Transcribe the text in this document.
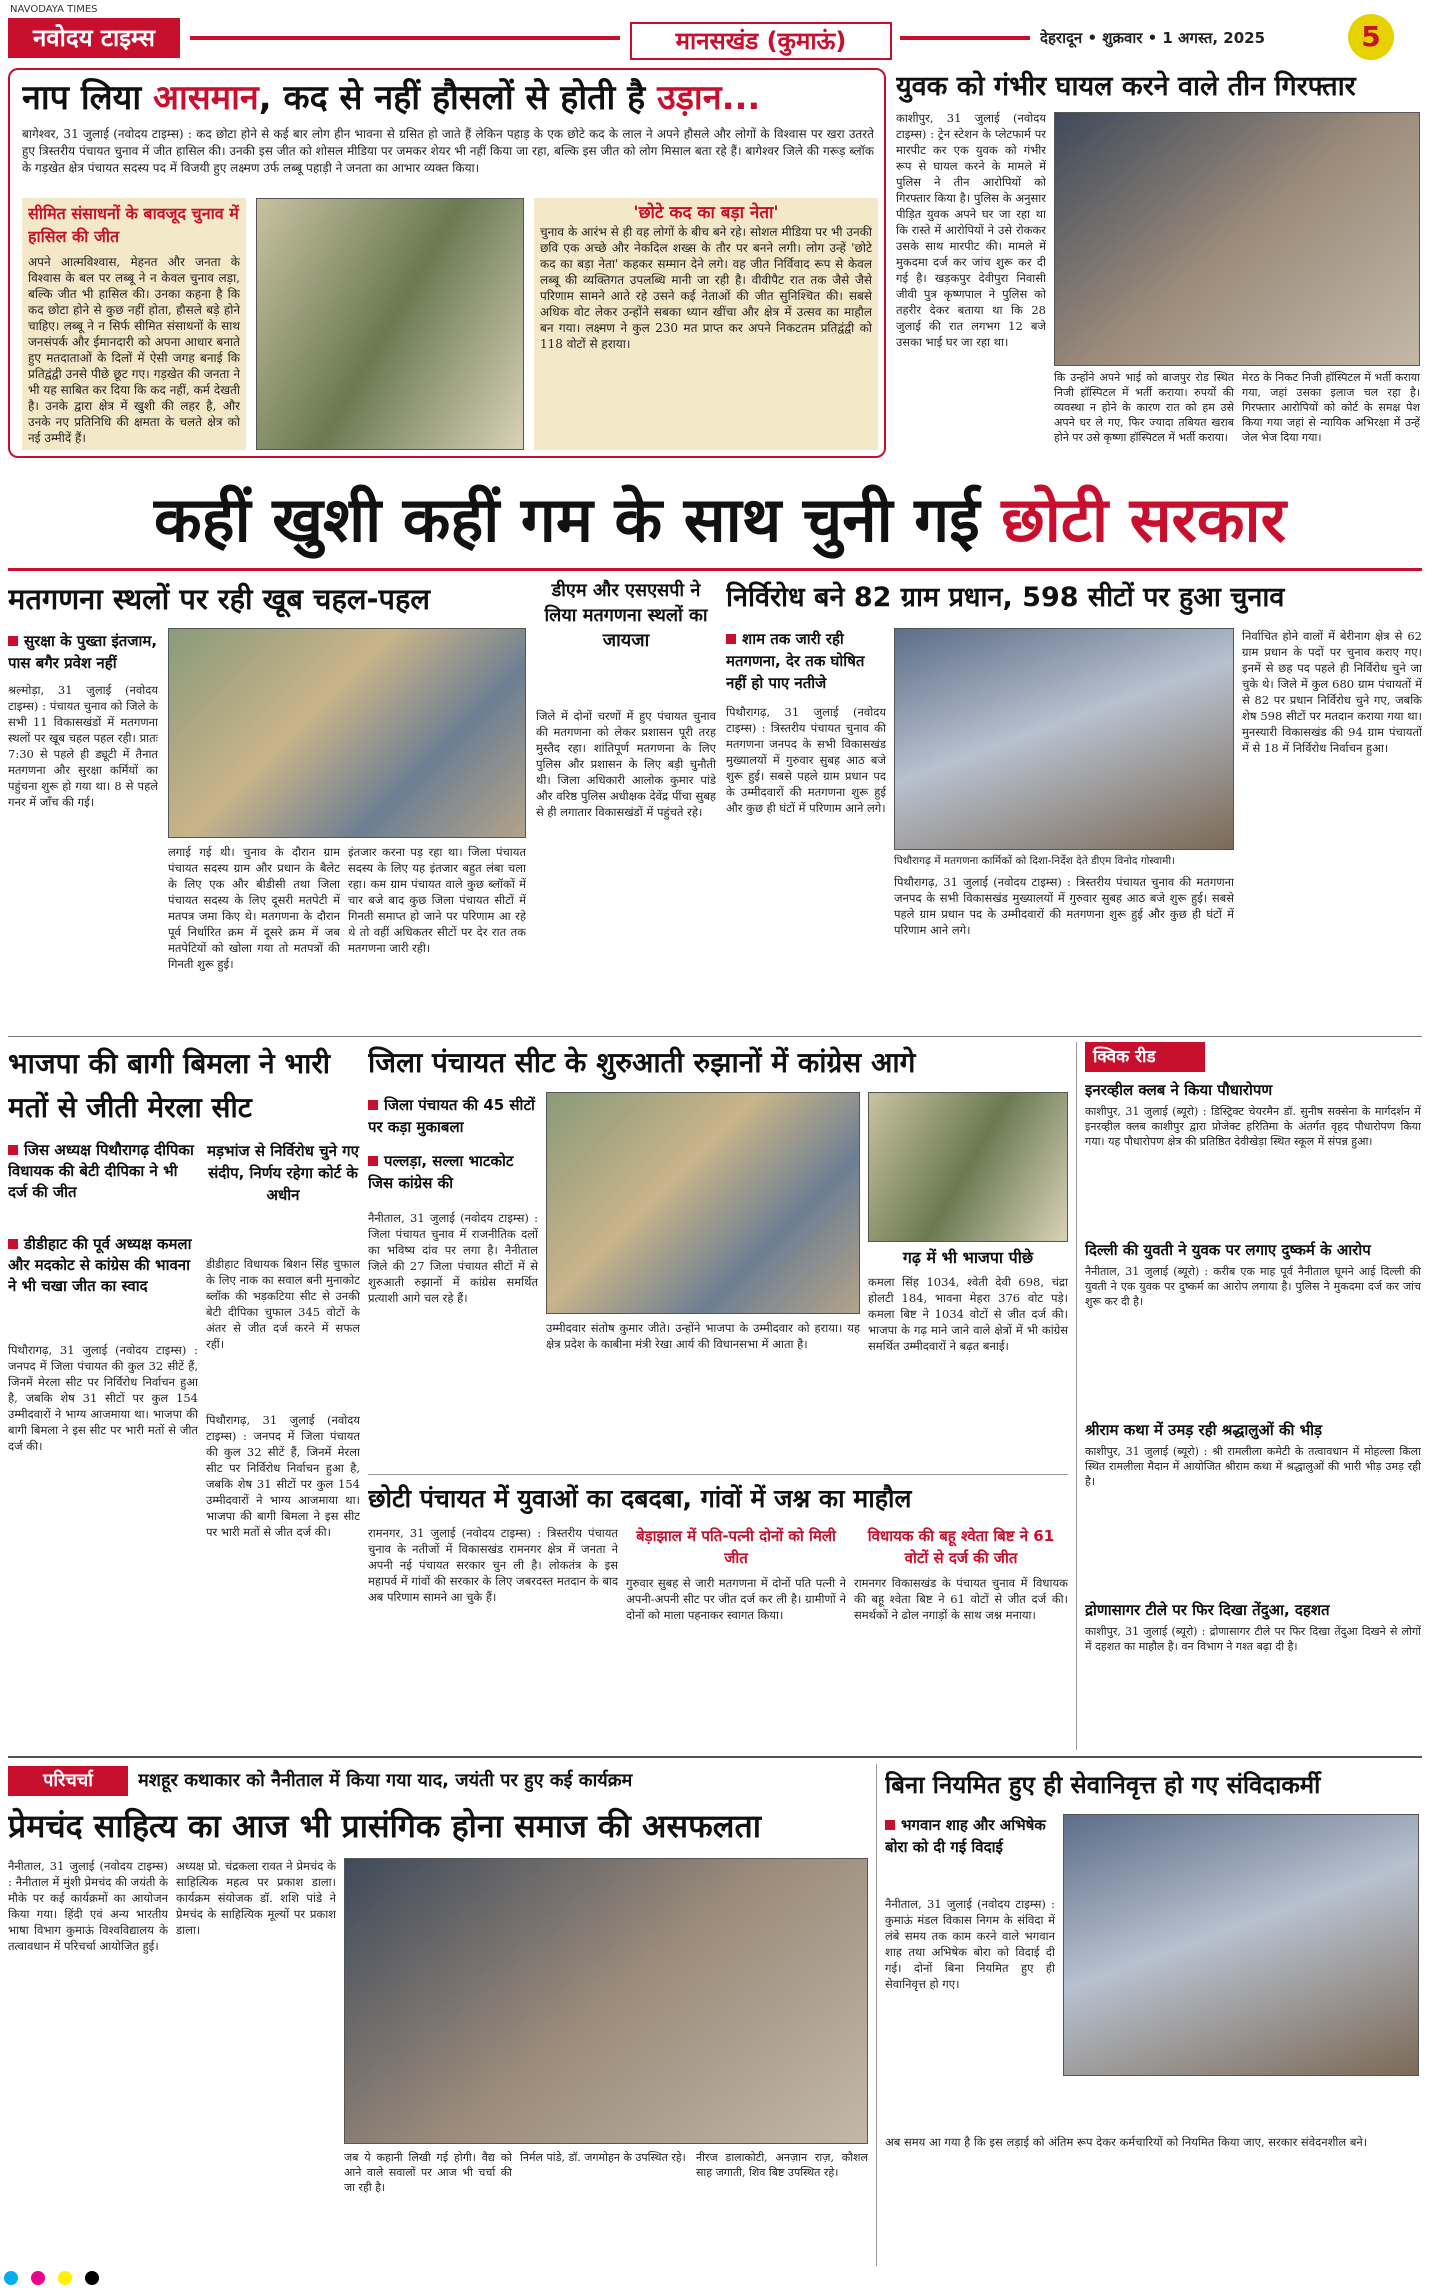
NAVODAYA TIMES
नवोदय टाइम्स	मानसखंड (कुमाऊं)	देहरादून • शुक्रवार • 1 अगस्त, 2025	5
नाप लिया आसमान, कद से नहीं हौसलों से होती है उड़ान...
बागेश्वर, 31 जुलाई (नवोदय टाइम्स) : कद छोटा होने से कई बार लोग हीन भावना से ग्रसित हो जाते हैं लेकिन पहाड़ के एक छोटे कद के लाल ने अपने हौसले और लोगों के विश्वास पर खरा उतरते हुए त्रिस्तरीय पंचायत चुनाव में जीत हासिल की। उनकी इस जीत को शोसल मीडिया पर जमकर शेयर भी नहीं किया जा रहा, बल्कि इस जीत को लोग मिसाल बता रहे हैं। बागेश्वर जिले की गरूड़ ब्लॉक के गड़खेत क्षेत्र पंचायत सदस्य पद में विजयी हुए लक्ष्मण उर्फ लब्बू पहाड़ी ने जनता का आभार व्यक्त किया।
सीमित संसाधनों के बावजूद चुनाव में हासिल की जीत
अपने आत्मविश्वास, मेहनत और जनता के विश्वास के बल पर लब्बू ने न केवल चुनाव लड़ा, बल्कि जीत भी हासिल की। उनका कहना है कि कद छोटा होने से कुछ नहीं होता, हौसले बड़े होने चाहिए। लब्बू ने न सिर्फ सीमित संसाधनों के साथ जनसंपर्क और ईमानदारी को अपना आधार बनाते हुए मतदाताओं के दिलों में ऐसी जगह बनाई कि प्रतिद्वंद्वी उनसे पीछे छूट गए। गड़खेत की जनता ने भी यह साबित कर दिया कि कद नहीं, कर्म देखती है। उनके द्वारा क्षेत्र में खुशी की लहर है, और उनके नए प्रतिनिधि की क्षमता के चलते क्षेत्र को नई उम्मीदें हैं।
'छोटे कद का बड़ा नेता'
चुनाव के आरंभ से ही वह लोगों के बीच बने रहे। सोशल मीडिया पर भी उनकी छवि एक अच्छे और नेकदिल शख्स के तौर पर बनने लगी। लोग उन्हें 'छोटे कद का बड़ा नेता' कहकर सम्मान देने लगे। वह जीत निर्विवाद रूप से केवल लब्बू की व्यक्तिगत उपलब्धि मानी जा रही है। वीवीपैट रात तक जैसे जैसे परिणाम सामने आते रहे उसने कई नेताओं की जीत सुनिश्चित की। सबसे अधिक वोट लेकर उन्होंने सबका ध्यान खींचा और क्षेत्र में उत्सव का माहौल बन गया। लक्ष्मण ने कुल 230 मत प्राप्त कर अपने निकटतम प्रतिद्वंद्वी को 118 वोटों से हराया।
युवक को गंभीर घायल करने वाले तीन गिरफ्तार
काशीपुर, 31 जुलाई (नवोदय टाइम्स) : ट्रेन स्टेशन के प्लेटफार्म पर मारपीट कर एक युवक को गंभीर रूप से घायल करने के मामले में पुलिस ने तीन आरोपियों को गिरफ्तार किया है। पुलिस के अनुसार पीड़ित युवक अपने घर जा रहा था कि रास्ते में आरोपियों ने उसे रोककर उसके साथ मारपीट की। मामले में मुकदमा दर्ज कर जांच शुरू कर दी गई है। खड़कपुर देवीपुरा निवासी जीवी पुत्र कृष्णपाल ने पुलिस को तहरीर देकर बताया था कि 28 जुलाई की रात लगभग 12 बजे उसका भाई घर जा रहा था।
कि उन्होंने अपने भाई को बाजपुर रोड स्थित निजी हॉस्पिटल में भर्ती कराया। रुपयों की व्यवस्था न होने के कारण रात को हम उसे अपने घर ले गए, फिर ज्यादा तबियत खराब होने पर उसे कृष्णा हॉस्पिटल में भर्ती कराया।
मेरठ के निकट निजी हॉस्पिटल में भर्ती कराया गया, जहां उसका इलाज चल रहा है। गिरफ्तार आरोपियों को कोर्ट के समक्ष पेश किया गया जहां से न्यायिक अभिरक्षा में उन्हें जेल भेज दिया गया।
कहीं खुशी कहीं गम के साथ चुनी गई छोटी सरकार
मतगणना स्थलों पर रही खूब चहल-पहल
सुरक्षा के पुख्ता इंतजाम, पास बगैर प्रवेश नहीं
श्रल्मोड़ा, 31 जुलाई (नवोदय टाइम्स) : पंचायत चुनाव को जिले के सभी 11 विकासखंडों में मतगणना स्थलों पर खूब चहल पहल रही। प्रातः 7:30 से पहले ही ड्यूटी में तैनात मतगणना और सुरक्षा कर्मियों का पहुंचना शुरू हो गया था। 8 से पहले गनर में जाँच की गई।
लगाई गई थी। चुनाव के दौरान ग्राम पंचायत सदस्य ग्राम और प्रधान के बैलेट के लिए एक और बीडीसी तथा जिला पंचायत सदस्य के लिए दूसरी मतपेटी में मतपत्र जमा किए थे। मतगणना के दौरान पूर्व निर्धारित क्रम में दूसरे क्रम में जब मतपेटियों को खोला गया तो मतपत्रों की गिनती शुरू हुई।
इंतजार करना पड़ रहा था। जिला पंचायत सदस्य के लिए यह इंतजार बहुत लंबा चला रहा। कम ग्राम पंचायत वाले कुछ ब्लॉकों में चार बजे बाद कुछ जिला पंचायत सीटों में गिनती समाप्त हो जाने पर परिणाम आ रहे थे तो वहीं अधिकतर सीटों पर देर रात तक मतगणना जारी रही।
डीएम और एसएसपी ने लिया मतगणना स्थलों का जायजा
जिले में दोनों चरणों में हुए पंचायत चुनाव की मतगणना को लेकर प्रशासन पूरी तरह मुस्तैद रहा। शांतिपूर्ण मतगणना के लिए पुलिस और प्रशासन के लिए बड़ी चुनौती थी। जिला अधिकारी आलोक कुमार पांडे और वरिष्ठ पुलिस अधीक्षक देवेंद्र पींचा सुबह से ही लगातार विकासखंडों में पहुंचते रहे।
निर्विरोध बने 82 ग्राम प्रधान, 598 सीटों पर हुआ चुनाव
शाम तक जारी रही मतगणना, देर तक घोषित नहीं हो पाए नतीजे
पिथौरागढ़, 31 जुलाई (नवोदय टाइम्स) : त्रिस्तरीय पंचायत चुनाव की मतगणना जनपद के सभी विकासखंड मुख्यालयों में गुरुवार सुबह आठ बजे शुरू हुई। सबसे पहले ग्राम प्रधान पद के उम्मीदवारों की मतगणना शुरू हुई और कुछ ही घंटों में परिणाम आने लगे।
पिथौरागढ़ में मतगणना कार्मिकों को दिशा-निर्देश देते डीएम विनोद गोस्वामी।
पिथौरागढ़, 31 जुलाई (नवोदय टाइम्स) : त्रिस्तरीय पंचायत चुनाव की मतगणना जनपद के सभी विकासखंड मुख्यालयों में गुरुवार सुबह आठ बजे शुरू हुई। सबसे पहले ग्राम प्रधान पद के उम्मीदवारों की मतगणना शुरू हुई और कुछ ही घंटों में परिणाम आने लगे।
निर्वाचित होने वालों में बेरीनाग क्षेत्र से 62 ग्राम प्रधान के पदों पर चुनाव कराए गए। इनमें से छह पद पहले ही निर्विरोध चुने जा चुके थे। जिले में कुल 680 ग्राम पंचायतों में से 82 पर प्रधान निर्विरोध चुने गए, जबकि शेष 598 सीटों पर मतदान कराया गया था। मुनस्यारी विकासखंड की 94 ग्राम पंचायतों में से 18 में निर्विरोध निर्वाचन हुआ।
भाजपा की बागी बिमला ने भारी मतों से जीती मेरला सीट
जिस अध्यक्ष पिथौरागढ़ दीपिका विधायक की बेटी दीपिका ने भी दर्ज की जीत
डीडीहाट की पूर्व अध्यक्ष कमला और मदकोट से कांग्रेस की भावना ने भी चखा जीत का स्वाद
मड़भांज से निर्विरोध चुने गए संदीप, निर्णय रहेगा कोर्ट के अधीन
डीडीहाट विधायक बिशन सिंह चुफाल के लिए नाक का सवाल बनी मुनाकोट ब्लॉक की भड़कटिया सीट से उनकी बेटी दीपिका चुफाल 345 वोटों के अंतर से जीत दर्ज करने में सफल रहीं।
पिथौरागढ़, 31 जुलाई (नवोदय टाइम्स) : जनपद में जिला पंचायत की कुल 32 सीटें हैं, जिनमें मेरला सीट पर निर्विरोध निर्वाचन हुआ है, जबकि शेष 31 सीटों पर कुल 154 उम्मीदवारों ने भाग्य आजमाया था। भाजपा की बागी बिमला ने इस सीट पर भारी मतों से जीत दर्ज की।
पिथौरागढ़, 31 जुलाई (नवोदय टाइम्स) : जनपद में जिला पंचायत की कुल 32 सीटें हैं, जिनमें मेरला सीट पर निर्विरोध निर्वाचन हुआ है, जबकि शेष 31 सीटों पर कुल 154 उम्मीदवारों ने भाग्य आजमाया था। भाजपा की बागी बिमला ने इस सीट पर भारी मतों से जीत दर्ज की।
जिला पंचायत सीट के शुरुआती रुझानों में कांग्रेस आगे
जिला पंचायत की 45 सीटों पर कड़ा मुकाबला
पल्लड़ा, सल्ला भाटकोट जिस कांग्रेस की
नैनीताल, 31 जुलाई (नवोदय टाइम्स) : जिला पंचायत चुनाव में राजनीतिक दलों का भविष्य दांव पर लगा है। नैनीताल जिले की 27 जिला पंचायत सीटों में से शुरुआती रुझानों में कांग्रेस समर्थित प्रत्याशी आगे चल रहे हैं।
उम्मीदवार संतोष कुमार जीते। उन्होंने भाजपा के उम्मीदवार को हराया। यह क्षेत्र प्रदेश के काबीना मंत्री रेखा आर्य की विधानसभा में आता है।
गढ़ में भी भाजपा पीछे
कमला सिंह 1034, श्वेती देवी 698, चंद्रा होलटी 184, भावना मेहरा 376 वोट पड़े। कमला बिष्ट ने 1034 वोटों से जीत दर्ज की। भाजपा के गढ़ माने जाने वाले क्षेत्रों में भी कांग्रेस समर्थित उम्मीदवारों ने बढ़त बनाई।
क्विक रीड
इनरव्हील क्लब ने किया पौधारोपण
काशीपुर, 31 जुलाई (ब्यूरो) : डिस्ट्रिक्ट चेयरमैन डॉ. सुनीष सक्सेना के मार्गदर्शन में इनरव्हील क्लब काशीपुर द्वारा प्रोजेक्ट हरितिमा के अंतर्गत वृहद पौधारोपण किया गया। यह पौधारोपण क्षेत्र की प्रतिष्ठित देवीखेड़ा स्थित स्कूल में संपन्न हुआ।
दिल्ली की युवती ने युवक पर लगाए दुष्कर्म के आरोप
नैनीताल, 31 जुलाई (ब्यूरो) : करीब एक माह पूर्व नैनीताल घूमने आई दिल्ली की युवती ने एक युवक पर दुष्कर्म का आरोप लगाया है। पुलिस ने मुकदमा दर्ज कर जांच शुरू कर दी है।
श्रीराम कथा में उमड़ रही श्रद्धालुओं की भीड़
काशीपुर, 31 जुलाई (ब्यूरो) : श्री रामलीला कमेटी के तत्वावधान में मोहल्ला किला स्थित रामलीला मैदान में आयोजित श्रीराम कथा में श्रद्धालुओं की भारी भीड़ उमड़ रही है।
द्रोणासागर टीले पर फिर दिखा तेंदुआ, दहशत
काशीपुर, 31 जुलाई (ब्यूरो) : द्रोणासागर टीले पर फिर दिखा तेंदुआ दिखने से लोगों में दहशत का माहौल है। वन विभाग ने गश्त बढ़ा दी है।
छोटी पंचायत में युवाओं का दबदबा, गांवों में जश्न का माहौल
रामनगर, 31 जुलाई (नवोदय टाइम्स) : त्रिस्तरीय पंचायत चुनाव के नतीजों में विकासखंड रामनगर क्षेत्र में जनता ने अपनी नई पंचायत सरकार चुन ली है। लोकतंत्र के इस महापर्व में गांवों की सरकार के लिए जबरदस्त मतदान के बाद अब परिणाम सामने आ चुके हैं।
बेड़ाझाल में पति-पत्नी दोनों को मिली जीत
गुरुवार सुबह से जारी मतगणना में दोनों पति पत्नी ने अपनी-अपनी सीट पर जीत दर्ज कर ली है। ग्रामीणों ने दोनों को माला पहनाकर स्वागत किया।
विधायक की बहू श्वेता बिष्ट ने 61 वोटों से दर्ज की जीत
रामनगर विकासखंड के पंचायत चुनाव में विधायक की बहू श्वेता बिष्ट ने 61 वोटों से जीत दर्ज की। समर्थकों ने ढोल नगाड़ों के साथ जश्न मनाया।
परिचर्चा	मशहूर कथाकार को नैनीताल में किया गया याद, जयंती पर हुए कई कार्यक्रम
प्रेमचंद साहित्य का आज भी प्रासंगिक होना समाज की असफलता
नैनीताल, 31 जुलाई (नवोदय टाइम्स) : नैनीताल में मुंशी प्रेमचंद की जयंती के मौके पर कई कार्यक्रमों का आयोजन किया गया। हिंदी एवं अन्य भारतीय भाषा विभाग कुमाऊं विश्वविद्यालय के तत्वावधान में परिचर्चा आयोजित हुई।
अध्यक्ष प्रो. चंद्रकला रावत ने प्रेमचंद के साहित्यिक महत्व पर प्रकाश डाला। कार्यक्रम संयोजक डॉ. शशि पांडे ने प्रेमचंद के साहित्यिक मूल्यों पर प्रकाश डाला।
जब ये कहानी लिखी गई होगी। वैद्य को आने वाले सवालों पर आज भी चर्चा की जा रही है।
निर्मल पांडे, डॉ. जगमोहन के उपस्थित रहे। नीरज डालाकोटी, अनज़ान राज़, कौशल साह जगाती, शिव बिष्ट उपस्थित रहे।
बिना नियमित हुए ही सेवानिवृत्त हो गए संविदाकर्मी
भगवान शाह और अभिषेक बोरा को दी गई विदाई
नैनीताल, 31 जुलाई (नवोदय टाइम्स) : कुमाऊं मंडल विकास निगम के संविदा में लंबे समय तक काम करने वाले भगवान शाह तथा अभिषेक बोरा को विदाई दी गई। दोनों बिना नियमित हुए ही सेवानिवृत्त हो गए।
अब समय आ गया है कि इस लड़ाई को अंतिम रूप देकर कर्मचारियों को नियमित किया जाए, सरकार संवेदनशील बने।
